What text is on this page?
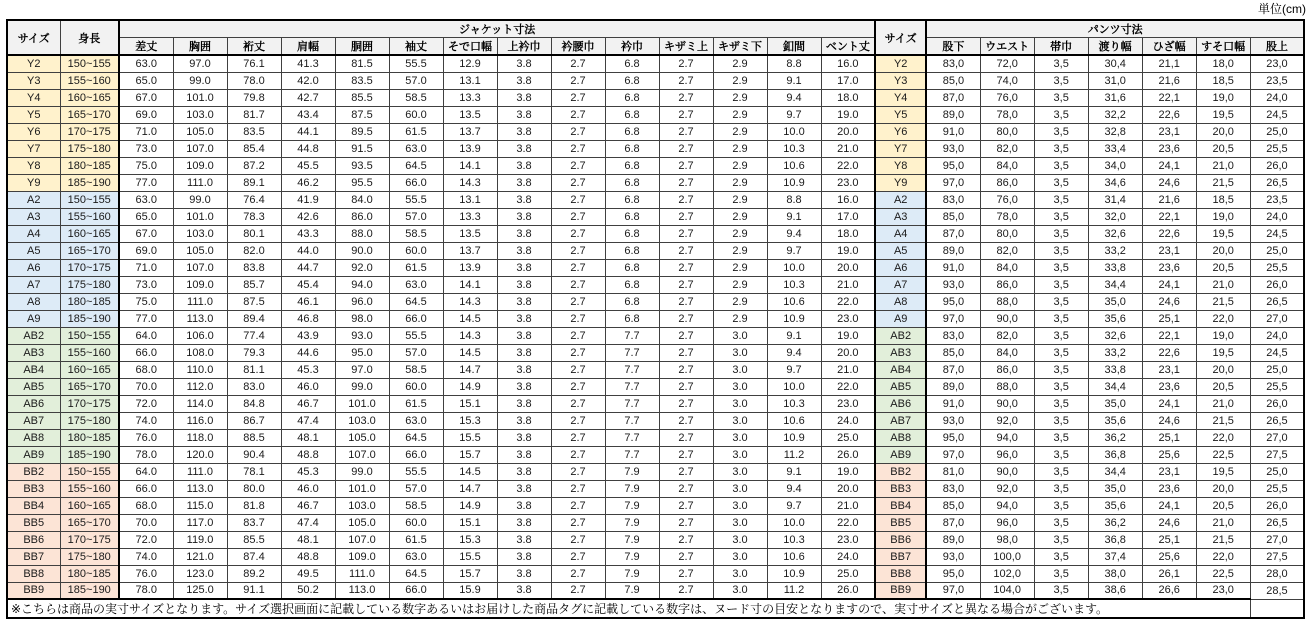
単位(cm)
サイズ	身長	ジャケット寸法														サイズ	パンツ寸法						
		差丈	胸囲	裄丈	肩幅	胴囲	袖丈	そで口幅	上衿巾	衿腰巾	衿巾	キザミ上	キザミ下	釦間	ベント丈		股下	ウエスト	帯巾	渡り幅	ひざ幅	すそ口幅	股上
Y2	150~155	63.0	97.0	76.1	41.3	81.5	55.5	12.9	3.8	2.7	6.8	2.7	2.9	8.8	16.0	Y2	83,0	72,0	3,5	30,4	21,1	18,0	23,0
Y3	155~160	65.0	99.0	78.0	42.0	83.5	57.0	13.1	3.8	2.7	6.8	2.7	2.9	9.1	17.0	Y3	85,0	74,0	3,5	31,0	21,6	18,5	23,5
Y4	160~165	67.0	101.0	79.8	42.7	85.5	58.5	13.3	3.8	2.7	6.8	2.7	2.9	9.4	18.0	Y4	87,0	76,0	3,5	31,6	22,1	19,0	24,0
Y5	165~170	69.0	103.0	81.7	43.4	87.5	60.0	13.5	3.8	2.7	6.8	2.7	2.9	9.7	19.0	Y5	89,0	78,0	3,5	32,2	22,6	19,5	24,5
Y6	170~175	71.0	105.0	83.5	44.1	89.5	61.5	13.7	3.8	2.7	6.8	2.7	2.9	10.0	20.0	Y6	91,0	80,0	3,5	32,8	23,1	20,0	25,0
Y7	175~180	73.0	107.0	85.4	44.8	91.5	63.0	13.9	3.8	2.7	6.8	2.7	2.9	10.3	21.0	Y7	93,0	82,0	3,5	33,4	23,6	20,5	25,5
Y8	180~185	75.0	109.0	87.2	45.5	93.5	64.5	14.1	3.8	2.7	6.8	2.7	2.9	10.6	22.0	Y8	95,0	84,0	3,5	34,0	24,1	21,0	26,0
Y9	185~190	77.0	111.0	89.1	46.2	95.5	66.0	14.3	3.8	2.7	6.8	2.7	2.9	10.9	23.0	Y9	97,0	86,0	3,5	34,6	24,6	21,5	26,5
A2	150~155	63.0	99.0	76.4	41.9	84.0	55.5	13.1	3.8	2.7	6.8	2.7	2.9	8.8	16.0	A2	83,0	76,0	3,5	31,4	21,6	18,5	23,5
A3	155~160	65.0	101.0	78.3	42.6	86.0	57.0	13.3	3.8	2.7	6.8	2.7	2.9	9.1	17.0	A3	85,0	78,0	3,5	32,0	22,1	19,0	24,0
A4	160~165	67.0	103.0	80.1	43.3	88.0	58.5	13.5	3.8	2.7	6.8	2.7	2.9	9.4	18.0	A4	87,0	80,0	3,5	32,6	22,6	19,5	24,5
A5	165~170	69.0	105.0	82.0	44.0	90.0	60.0	13.7	3.8	2.7	6.8	2.7	2.9	9.7	19.0	A5	89,0	82,0	3,5	33,2	23,1	20,0	25,0
A6	170~175	71.0	107.0	83.8	44.7	92.0	61.5	13.9	3.8	2.7	6.8	2.7	2.9	10.0	20.0	A6	91,0	84,0	3,5	33,8	23,6	20,5	25,5
A7	175~180	73.0	109.0	85.7	45.4	94.0	63.0	14.1	3.8	2.7	6.8	2.7	2.9	10.3	21.0	A7	93,0	86,0	3,5	34,4	24,1	21,0	26,0
A8	180~185	75.0	111.0	87.5	46.1	96.0	64.5	14.3	3.8	2.7	6.8	2.7	2.9	10.6	22.0	A8	95,0	88,0	3,5	35,0	24,6	21,5	26,5
A9	185~190	77.0	113.0	89.4	46.8	98.0	66.0	14.5	3.8	2.7	6.8	2.7	2.9	10.9	23.0	A9	97,0	90,0	3,5	35,6	25,1	22,0	27,0
AB2	150~155	64.0	106.0	77.4	43.9	93.0	55.5	14.3	3.8	2.7	7.7	2.7	3.0	9.1	19.0	AB2	83,0	82,0	3,5	32,6	22,1	19,0	24,0
AB3	155~160	66.0	108.0	79.3	44.6	95.0	57.0	14.5	3.8	2.7	7.7	2.7	3.0	9.4	20.0	AB3	85,0	84,0	3,5	33,2	22,6	19,5	24,5
AB4	160~165	68.0	110.0	81.1	45.3	97.0	58.5	14.7	3.8	2.7	7.7	2.7	3.0	9.7	21.0	AB4	87,0	86,0	3,5	33,8	23,1	20,0	25,0
AB5	165~170	70.0	112.0	83.0	46.0	99.0	60.0	14.9	3.8	2.7	7.7	2.7	3.0	10.0	22.0	AB5	89,0	88,0	3,5	34,4	23,6	20,5	25,5
AB6	170~175	72.0	114.0	84.8	46.7	101.0	61.5	15.1	3.8	2.7	7.7	2.7	3.0	10.3	23.0	AB6	91,0	90,0	3,5	35,0	24,1	21,0	26,0
AB7	175~180	74.0	116.0	86.7	47.4	103.0	63.0	15.3	3.8	2.7	7.7	2.7	3.0	10.6	24.0	AB7	93,0	92,0	3,5	35,6	24,6	21,5	26,5
AB8	180~185	76.0	118.0	88.5	48.1	105.0	64.5	15.5	3.8	2.7	7.7	2.7	3.0	10.9	25.0	AB8	95,0	94,0	3,5	36,2	25,1	22,0	27,0
AB9	185~190	78.0	120.0	90.4	48.8	107.0	66.0	15.7	3.8	2.7	7.7	2.7	3.0	11.2	26.0	AB9	97,0	96,0	3,5	36,8	25,6	22,5	27,5
BB2	150~155	64.0	111.0	78.1	45.3	99.0	55.5	14.5	3.8	2.7	7.9	2.7	3.0	9.1	19.0	BB2	81,0	90,0	3,5	34,4	23,1	19,5	25,0
BB3	155~160	66.0	113.0	80.0	46.0	101.0	57.0	14.7	3.8	2.7	7.9	2.7	3.0	9.4	20.0	BB3	83,0	92,0	3,5	35,0	23,6	20,0	25,5
BB4	160~165	68.0	115.0	81.8	46.7	103.0	58.5	14.9	3.8	2.7	7.9	2.7	3.0	9.7	21.0	BB4	85,0	94,0	3,5	35,6	24,1	20,5	26,0
BB5	165~170	70.0	117.0	83.7	47.4	105.0	60.0	15.1	3.8	2.7	7.9	2.7	3.0	10.0	22.0	BB5	87,0	96,0	3,5	36,2	24,6	21,0	26,5
BB6	170~175	72.0	119.0	85.5	48.1	107.0	61.5	15.3	3.8	2.7	7.9	2.7	3.0	10.3	23.0	BB6	89,0	98,0	3,5	36,8	25,1	21,5	27,0
BB7	175~180	74.0	121.0	87.4	48.8	109.0	63.0	15.5	3.8	2.7	7.9	2.7	3.0	10.6	24.0	BB7	93,0	100,0	3,5	37,4	25,6	22,0	27,5
BB8	180~185	76.0	123.0	89.2	49.5	111.0	64.5	15.7	3.8	2.7	7.9	2.7	3.0	10.9	25.0	BB8	95,0	102,0	3,5	38,0	26,1	22,5	28,0
BB9	185~190	78.0	125.0	91.1	50.2	113.0	66.0	15.9	3.8	2.7	7.9	2.7	3.0	11.2	26.0	BB9	97,0	104,0	3,5	38,6	26,6	23,0	28,5
※こちらは商品の実寸サイズとなります。サイズ選択画面に記載している数字あるいはお届けした商品タグに記載している数字は、ヌード寸の目安となりますので、実寸サイズと異なる場合がございます。																							
